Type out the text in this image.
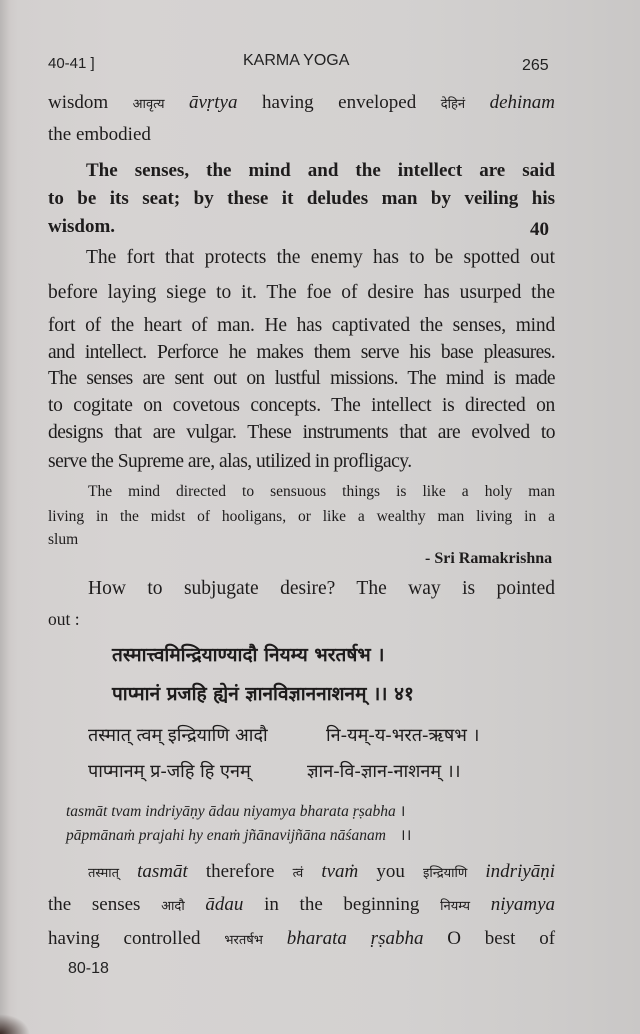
40-41 ]	KARMA YOGA	265
wisdom आवृत्य āvṛtya having enveloped देहिनं dehinam
the embodied
The senses, the mind and the intellect are said
to be its seat; by these it deludes man by veiling his
wisdom.	40
The fort that protects the enemy has to be spotted out
before laying siege to it. The foe of desire has usurped the
fort of the heart of man. He has captivated the senses, mind
and intellect. Perforce he makes them serve his base pleasures.
The senses are sent out on lustful missions. The mind is made
to cogitate on covetous concepts. The intellect is directed on
designs that are vulgar. These instruments that are evolved to
serve the Supreme are, alas, utilized in profligacy.
The mind directed to sensuous things is like a holy man
living in the midst of hooligans, or like a wealthy man living in a
slum
- Sri Ramakrishna
How to subjugate desire? The way is pointed
out :
तस्मात्त्वमिन्द्रियाण्यादौ नियम्य भरतर्षभ ।
पाप्मानं प्रजहि ह्येनं ज्ञानविज्ञाननाशनम् ।। ४१
तस्मात् त्वम् इन्द्रियाणि आदौ	नि-यम्-य-भरत-ऋषभ ।
पाप्मानम् प्र-जहि हि एनम्	ज्ञान-वि-ज्ञान-नाशनम् ।।
tasmāt tvam indriyāṇy ādau niyamya bharata ṛṣabha ।
pāpmānaṁ prajahi hy enaṁ jñānavijñāna nāśanam ।।
तस्मात् tasmāt therefore त्वं tvaṁ you इन्द्रियाणि indriyāṇi
the senses आदौ ādau in the beginning नियम्य niyamya
having controlled भरतर्षभ bharata ṛṣabha O best of
80-18
